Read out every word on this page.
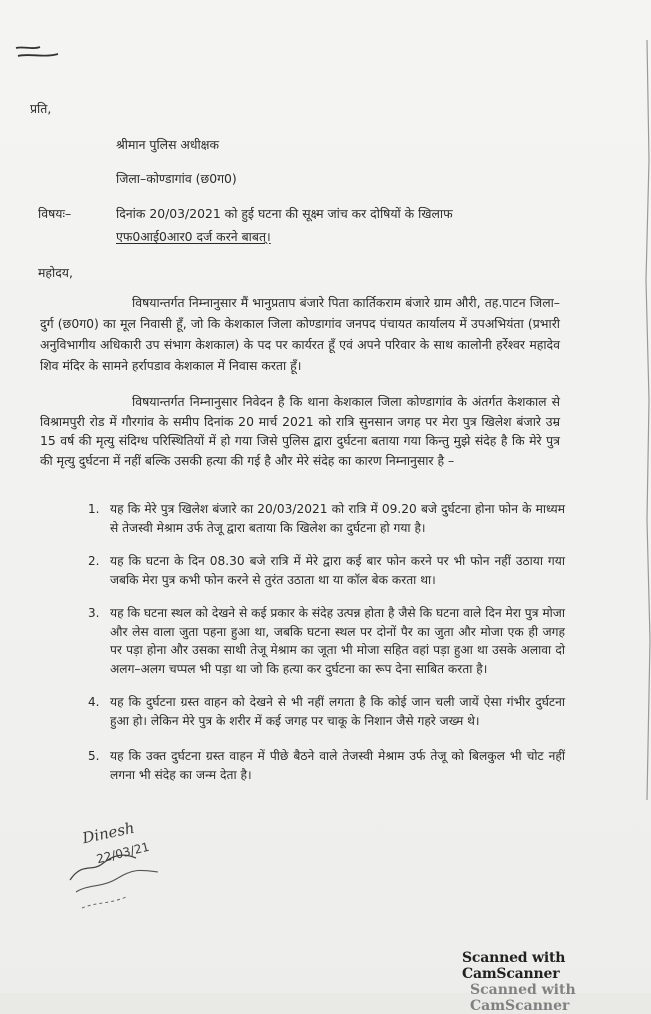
प्रति,
श्रीमान पुलिस अधीक्षक
जिला–कोण्डागांव (छ0ग0)
विषयः–	दिनांक 20/03/2021 को हुई घटना की सूक्ष्म जांच कर दोषियों के खिलाफ
एफ0आई0आर0 दर्ज करने बाबत्।
महोदय,
विषयान्तर्गत निम्नानुसार मैं भानुप्रताप बंजारे पिता कार्तिकराम बंजारे ग्राम औरी, तह.पाटन जिला–दुर्ग (छ0ग0) का मूल निवासी हूँ, जो कि केशकाल जिला कोण्डागांव जनपद पंचायत कार्यालय में उपअभियंता (प्रभारी अनुविभागीय अधिकारी उप संभाग केशकाल) के पद पर कार्यरत हूँ एवं अपने परिवार के साथ कालोनी हर्रेश्वर महादेव शिव मंदिर के सामने हर्रापडाव केशकाल में निवास करता हूँ।
विषयान्तर्गत निम्नानुसार निवेदन है कि थाना केशकाल जिला कोण्डागांव के अंतर्गत केशकाल से विश्रामपुरी रोड में गौरगांव के समीप दिनांक 20 मार्च 2021 को रात्रि सुनसान जगह पर मेरा पुत्र खिलेश बंजारे उम्र 15 वर्ष की मृत्यु संदिग्ध परिस्थितियों में हो गया जिसे पुलिस द्वारा दुर्घटना बताया गया किन्तु मुझे संदेह है कि मेरे पुत्र की मृत्यु दुर्घटना में नहीं बल्कि उसकी हत्या की गई है और मेरे संदेह का कारण निम्नानुसार है –
1. यह कि मेरे पुत्र खिलेश बंजारे का 20/03/2021 को रात्रि में 09.20 बजे दुर्घटना होना फोन के माध्यम से तेजस्वी मेश्राम उर्फ तेजू द्वारा बताया कि खिलेश का दुर्घटना हो गया है।
2. यह कि घटना के दिन 08.30 बजे रात्रि में मेरे द्वारा कई बार फोन करने पर भी फोन नहीं उठाया गया जबकि मेरा पुत्र कभी फोन करने से तुरंत उठाता था या कॉल बेक करता था।
3. यह कि घटना स्थल को देखने से कई प्रकार के संदेह उत्पन्न होता है जैसे कि घटना वाले दिन मेरा पुत्र मोजा और लेस वाला जुता पहना हुआ था, जबकि घटना स्थल पर दोनों पैर का जुता और मोजा एक ही जगह पर पड़ा होना और उसका साथी तेजू मेश्राम का जूता भी मोजा सहित वहां पड़ा हुआ था उसके अलावा दो अलग–अलग चप्पल भी पड़ा था जो कि हत्या कर दुर्घटना का रूप देना साबित करता है।
4. यह कि दुर्घटना ग्रस्त वाहन को देखने से भी नहीं लगता है कि कोई जान चली जायें ऐसा गंभीर दुर्घटना हुआ हो। लेकिन मेरे पुत्र के शरीर में कई जगह पर चाकू के निशान जैसे गहरे जख्म थे।
5. यह कि उक्त दुर्घटना ग्रस्त वाहन में पीछे बैठने वाले तेजस्वी मेश्राम उर्फ तेजू को बिलकुल भी चोट नहीं लगना भी संदेह का जन्म देता है।
Dinesh
22/03/21
Scanned with CamScanner
Scanned with CamScanner
